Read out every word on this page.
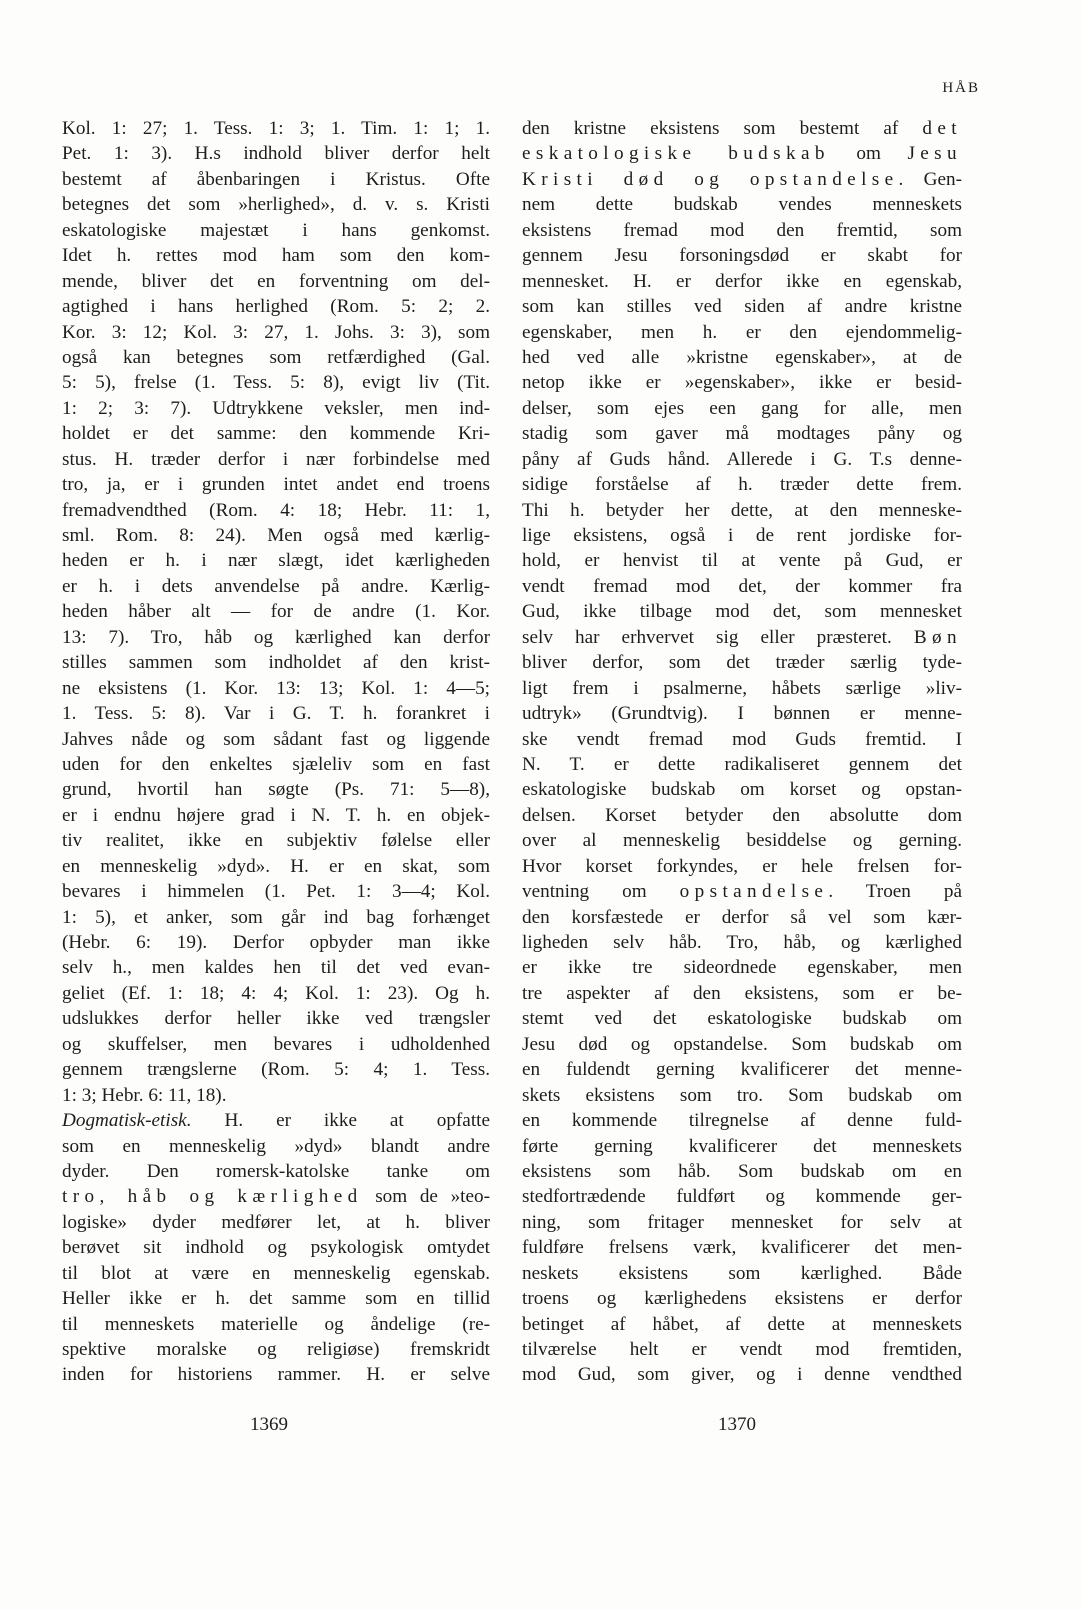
HÅB
Kol. 1: 27; 1. Tess. 1: 3; 1. Tim. 1: 1; 1.
Pet. 1: 3). H.s indhold bliver derfor helt
bestemt af åbenbaringen i Kristus. Ofte
betegnes det som »herlighed», d. v. s. Kristi
eskatologiske majestæt i hans genkomst.
Idet h. rettes mod ham som den kom-
mende, bliver det en forventning om del-
agtighed i hans herlighed (Rom. 5: 2; 2.
Kor. 3: 12; Kol. 3: 27, 1. Johs. 3: 3), som
også kan betegnes som retfærdighed (Gal.
5: 5), frelse (1. Tess. 5: 8), evigt liv (Tit.
1: 2; 3: 7). Udtrykkene veksler, men ind-
holdet er det samme: den kommende Kri-
stus. H. træder derfor i nær forbindelse med
tro, ja, er i grunden intet andet end troens
fremadvendthed (Rom. 4: 18; Hebr. 11: 1,
sml. Rom. 8: 24). Men også med kærlig-
heden er h. i nær slægt, idet kærligheden
er h. i dets anvendelse på andre. Kærlig-
heden håber alt — for de andre (1. Kor.
13: 7). Tro, håb og kærlighed kan derfor
stilles sammen som indholdet af den krist-
ne eksistens (1. Kor. 13: 13; Kol. 1: 4—5;
1. Tess. 5: 8). Var i G. T. h. forankret i
Jahves nåde og som sådant fast og liggende
uden for den enkeltes sjæleliv som en fast
grund, hvortil han søgte (Ps. 71: 5—8),
er i endnu højere grad i N. T. h. en objek-
tiv realitet, ikke en subjektiv følelse eller
en menneskelig »dyd». H. er en skat, som
bevares i himmelen (1. Pet. 1: 3—4; Kol.
1: 5), et anker, som går ind bag forhænget
(Hebr. 6: 19). Derfor opbyder man ikke
selv h., men kaldes hen til det ved evan-
geliet (Ef. 1: 18; 4: 4; Kol. 1: 23). Og h.
udslukkes derfor heller ikke ved trængsler
og skuffelser, men bevares i udholdenhed
gennem trængslerne (Rom. 5: 4; 1. Tess.
1: 3; Hebr. 6: 11, 18).
Dogmatisk-etisk. H. er ikke at opfatte
som en menneskelig »dyd» blandt andre
dyder. Den romersk-katolske tanke om
tro, håb og kærlighed som de »teo-
logiske» dyder medfører let, at h. bliver
berøvet sit indhold og psykologisk omtydet
til blot at være en menneskelig egenskab.
Heller ikke er h. det samme som en tillid
til menneskets materielle og åndelige (re-
spektive moralske og religiøse) fremskridt
inden for historiens rammer. H. er selve
den kristne eksistens som bestemt af det
eskatologiske budskab om Jesu
Kristi død og opstandelse. Gen-
nem dette budskab vendes menneskets
eksistens fremad mod den fremtid, som
gennem Jesu forsoningsdød er skabt for
mennesket. H. er derfor ikke en egenskab,
som kan stilles ved siden af andre kristne
egenskaber, men h. er den ejendommelig-
hed ved alle »kristne egenskaber», at de
netop ikke er »egenskaber», ikke er besid-
delser, som ejes een gang for alle, men
stadig som gaver må modtages påny og
påny af Guds hånd. Allerede i G. T.s denne-
sidige forståelse af h. træder dette frem.
Thi h. betyder her dette, at den menneske-
lige eksistens, også i de rent jordiske for-
hold, er henvist til at vente på Gud, er
vendt fremad mod det, der kommer fra
Gud, ikke tilbage mod det, som mennesket
selv har erhvervet sig eller præsteret. Bøn
bliver derfor, som det træder særlig tyde-
ligt frem i psalmerne, håbets særlige »liv-
udtryk» (Grundtvig). I bønnen er menne-
ske vendt fremad mod Guds fremtid. I
N. T. er dette radikaliseret gennem det
eskatologiske budskab om korset og opstan-
delsen. Korset betyder den absolutte dom
over al menneskelig besiddelse og gerning.
Hvor korset forkyndes, er hele frelsen for-
ventning om opstandelse. Troen på
den korsfæstede er derfor så vel som kær-
ligheden selv håb. Tro, håb, og kærlighed
er ikke tre sideordnede egenskaber, men
tre aspekter af den eksistens, som er be-
stemt ved det eskatologiske budskab om
Jesu død og opstandelse. Som budskab om
en fuldendt gerning kvalificerer det menne-
skets eksistens som tro. Som budskab om
en kommende tilregnelse af denne fuld-
førte gerning kvalificerer det menneskets
eksistens som håb. Som budskab om en
stedfortrædende fuldført og kommende ger-
ning, som fritager mennesket for selv at
fuldføre frelsens værk, kvalificerer det men-
neskets eksistens som kærlighed. Både
troens og kærlighedens eksistens er derfor
betinget af håbet, af dette at menneskets
tilværelse helt er vendt mod fremtiden,
mod Gud, som giver, og i denne vendthed
1369	1370
